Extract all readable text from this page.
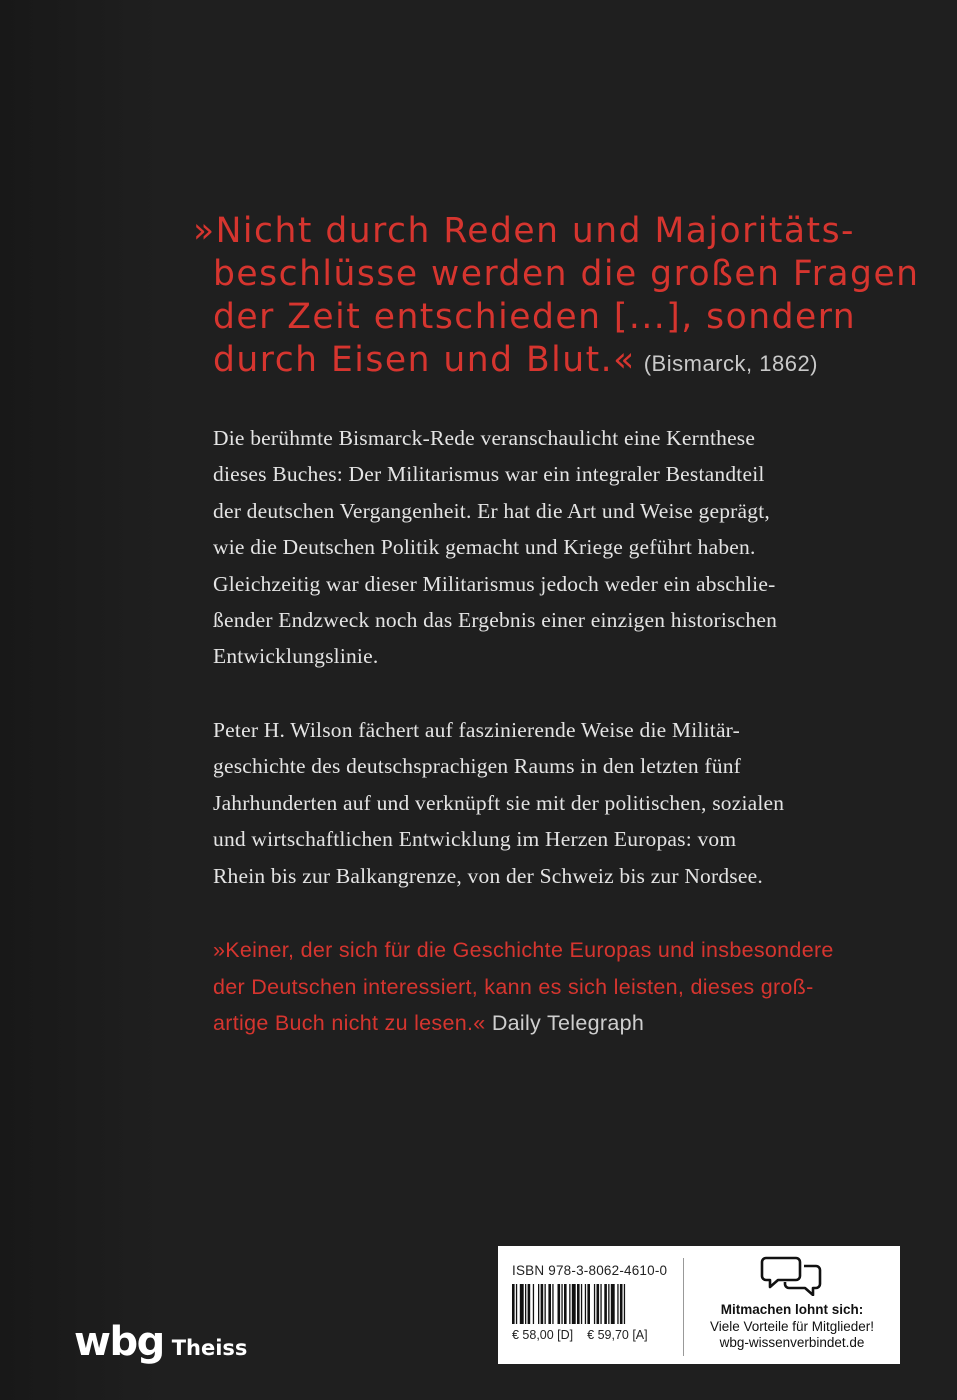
»Nicht durch Reden und Majoritäts-
beschlüsse werden die großen Fragen
der Zeit entschieden [...], sondern
durch Eisen und Blut.« (Bismarck, 1862)
Die berühmte Bismarck-Rede veranschaulicht eine Kernthese
dieses Buches: Der Militarismus war ein integraler Bestandteil
der deutschen Vergangenheit. Er hat die Art und Weise geprägt,
wie die Deutschen Politik gemacht und Kriege geführt haben.
Gleichzeitig war dieser Militarismus jedoch weder ein abschlie-
ßender Endzweck noch das Ergebnis einer einzigen historischen
Entwicklungslinie.
Peter H. Wilson fächert auf faszinierende Weise die Militär-
geschichte des deutschsprachigen Raums in den letzten fünf
Jahrhunderten auf und verknüpft sie mit der politischen, sozialen
und wirtschaftlichen Entwicklung im Herzen Europas: vom
Rhein bis zur Balkangrenze, von der Schweiz bis zur Nordsee.
»Keiner, der sich für die Geschichte Europas und insbesondere
der Deutschen interessiert, kann es sich leisten, dieses groß-
artige Buch nicht zu lesen.« Daily Telegraph
wbg Theiss
ISBN 978-3-8062-4610-0
€ 58,00 [D] € 59,70 [A]
Mitmachen lohnt sich:
Viele Vorteile für Mitglieder!
wbg-wissenverbindet.de
